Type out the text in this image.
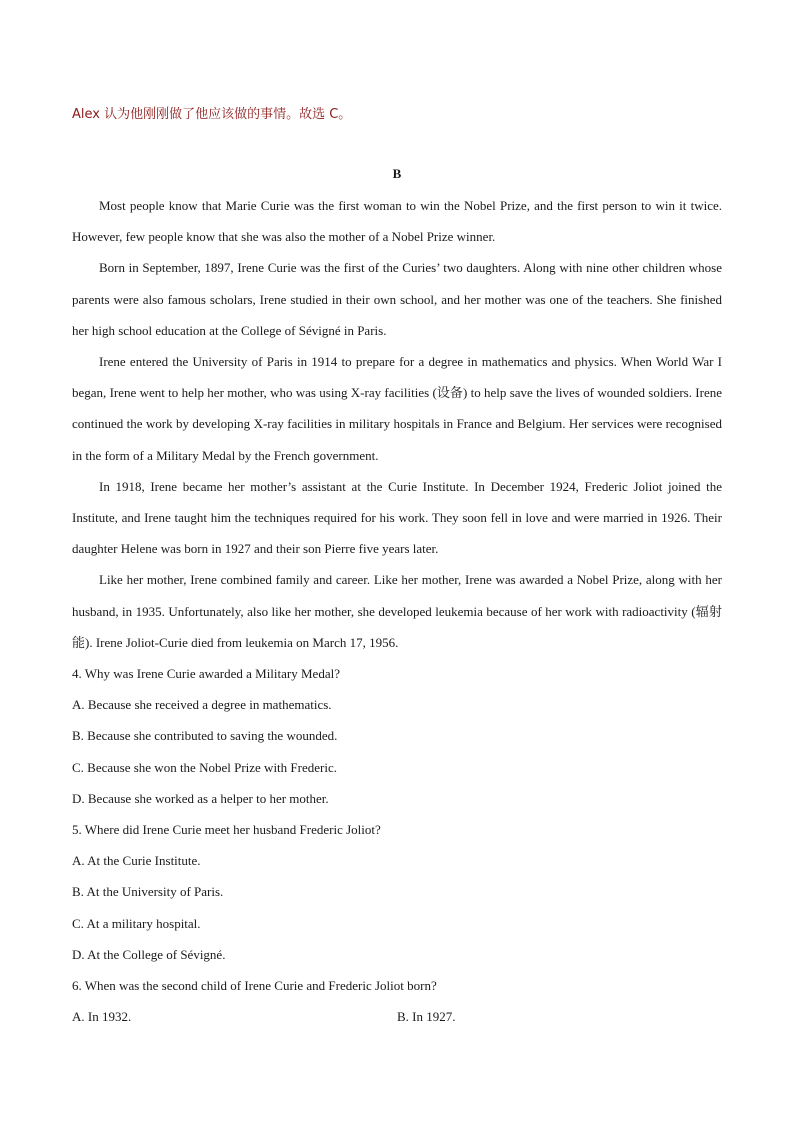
Alex 认为他刚刚做了他应该做的事情。故选 C。
B

Most people know that Marie Curie was the first woman to win the Nobel Prize, and the first person to win it twice. However, few people know that she was also the mother of a Nobel Prize winner.

Born in September, 1897, Irene Curie was the first of the Curies’ two daughters. Along with nine other children whose parents were also famous scholars, Irene studied in their own school, and her mother was one of the teachers. She finished her high school education at the College of Sévigné in Paris.

Irene entered the University of Paris in 1914 to prepare for a degree in mathematics and physics. When World War I began, Irene went to help her mother, who was using X-ray facilities (设备) to help save the lives of wounded soldiers. Irene continued the work by developing X-ray facilities in military hospitals in France and Belgium. Her services were recognised in the form of a Military Medal by the French government.

In 1918, Irene became her mother’s assistant at the Curie Institute. In December 1924, Frederic Joliot joined the Institute, and Irene taught him the techniques required for his work. They soon fell in love and were married in 1926. Their daughter Helene was born in 1927 and their son Pierre five years later.

Like her mother, Irene combined family and career. Like her mother, Irene was awarded a Nobel Prize, along with her husband, in 1935. Unfortunately, also like her mother, she developed leukemia because of her work with radioactivity (辐射能). Irene Joliot-Curie died from leukemia on March 17, 1956.

4. Why was Irene Curie awarded a Military Medal?
A. Because she received a degree in mathematics.
B. Because she contributed to saving the wounded.
C. Because she won the Nobel Prize with Frederic.
D. Because she worked as a helper to her mother.
5. Where did Irene Curie meet her husband Frederic Joliot?
A. At the Curie Institute.
B. At the University of Paris.
C. At a military hospital.
D. At the College of Sévigné.
6. When was the second child of Irene Curie and Frederic Joliot born?
A. In 1932.	B. In 1927.
